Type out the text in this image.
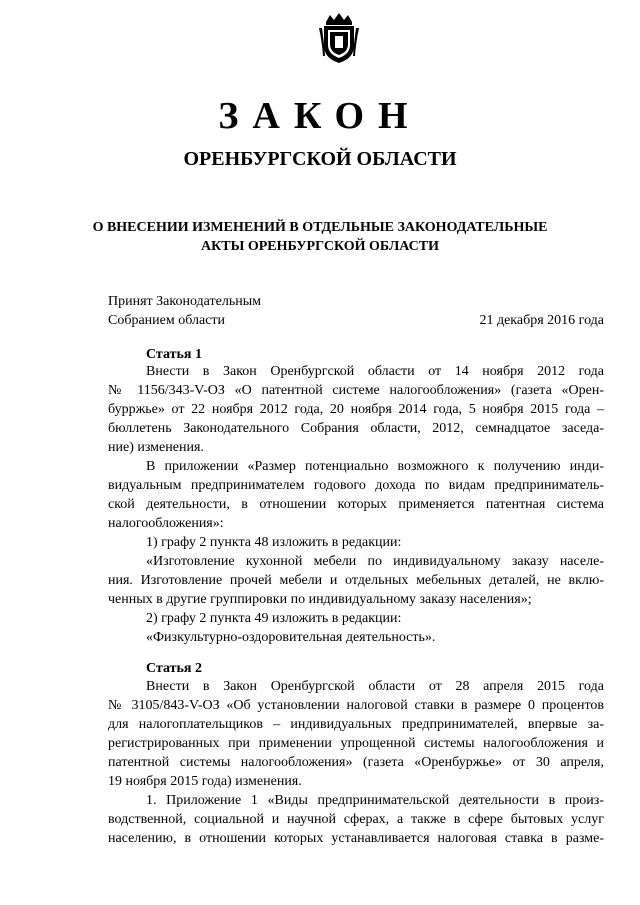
ЗАКОН
ОРЕНБУРГСКОЙ ОБЛАСТИ
О ВНЕСЕНИИ ИЗМЕНЕНИЙ В ОТДЕЛЬНЫЕ ЗАКОНОДАТЕЛЬНЫЕ
АКТЫ ОРЕНБУРГСКОЙ ОБЛАСТИ
Принят Законодательным
Собранием области	21 декабря 2016 года
Статья 1
Внести в Закон Оренбургской области от 14 ноября 2012 года
№ 1156/343-V-ОЗ «О патентной системе налогообложения» (газета «Орен-
бурржье» от 22 ноября 2012 года, 20 ноября 2014 года, 5 ноября 2015 года –
бюллетень Законодательного Собрания области, 2012, семнадцатое заседа-
ние) изменения.
В приложении «Размер потенциально возможного к получению инди-
видуальным предпринимателем годового дохода по видам предприниматель-
ской деятельности, в отношении которых применяется патентная система
налогообложения»:
1) графу 2 пункта 48 изложить в редакции:
«Изготовление кухонной мебели по индивидуальному заказу населе-
ния. Изготовление прочей мебели и отдельных мебельных деталей, не вклю-
ченных в другие группировки по индивидуальному заказу населения»;
2) графу 2 пункта 49 изложить в редакции:
«Физкультурно-оздоровительная деятельность».
Статья 2
Внести в Закон Оренбургской области от 28 апреля 2015 года
№ 3105/843-V-ОЗ «Об установлении налоговой ставки в размере 0 процентов
для налогоплательщиков – индивидуальных предпринимателей, впервые за-
регистрированных при применении упрощенной системы налогообложения и
патентной системы налогообложения» (газета «Оренбуржье» от 30 апреля,
19 ноября 2015 года) изменения.
1. Приложение 1 «Виды предпринимательской деятельности в произ-
водственной, социальной и научной сферах, а также в сфере бытовых услуг
населению, в отношении которых устанавливается налоговая ставка в разме-
